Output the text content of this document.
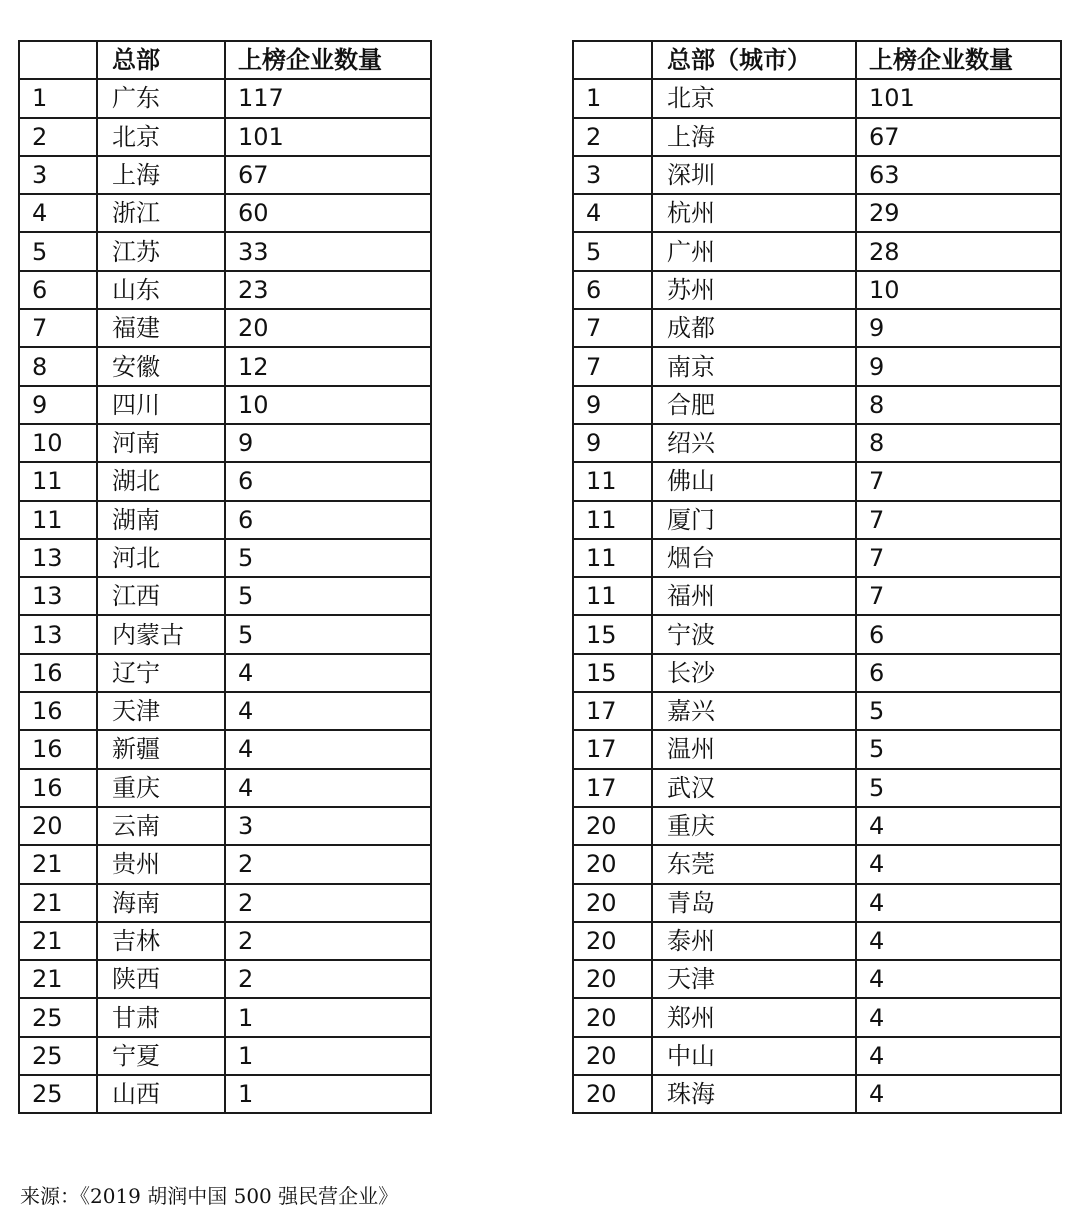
	总部	上榜企业数量
1	广东	117
2	北京	101
3	上海	67
4	浙江	60
5	江苏	33
6	山东	23
7	福建	20
8	安徽	12
9	四川	10
10	河南	9
11	湖北	6
11	湖南	6
13	河北	5
13	江西	5
13	内蒙古	5
16	辽宁	4
16	天津	4
16	新疆	4
16	重庆	4
20	云南	3
21	贵州	2
21	海南	2
21	吉林	2
21	陕西	2
25	甘肃	1
25	宁夏	1
25	山西	1
	总部（城市）	上榜企业数量
1	北京	101
2	上海	67
3	深圳	63
4	杭州	29
5	广州	28
6	苏州	10
7	成都	9
7	南京	9
9	合肥	8
9	绍兴	8
11	佛山	7
11	厦门	7
11	烟台	7
11	福州	7
15	宁波	6
15	长沙	6
17	嘉兴	5
17	温州	5
17	武汉	5
20	重庆	4
20	东莞	4
20	青岛	4
20	泰州	4
20	天津	4
20	郑州	4
20	中山	4
20	珠海	4
来源：《2019 胡润中国 500 强民营企业》
